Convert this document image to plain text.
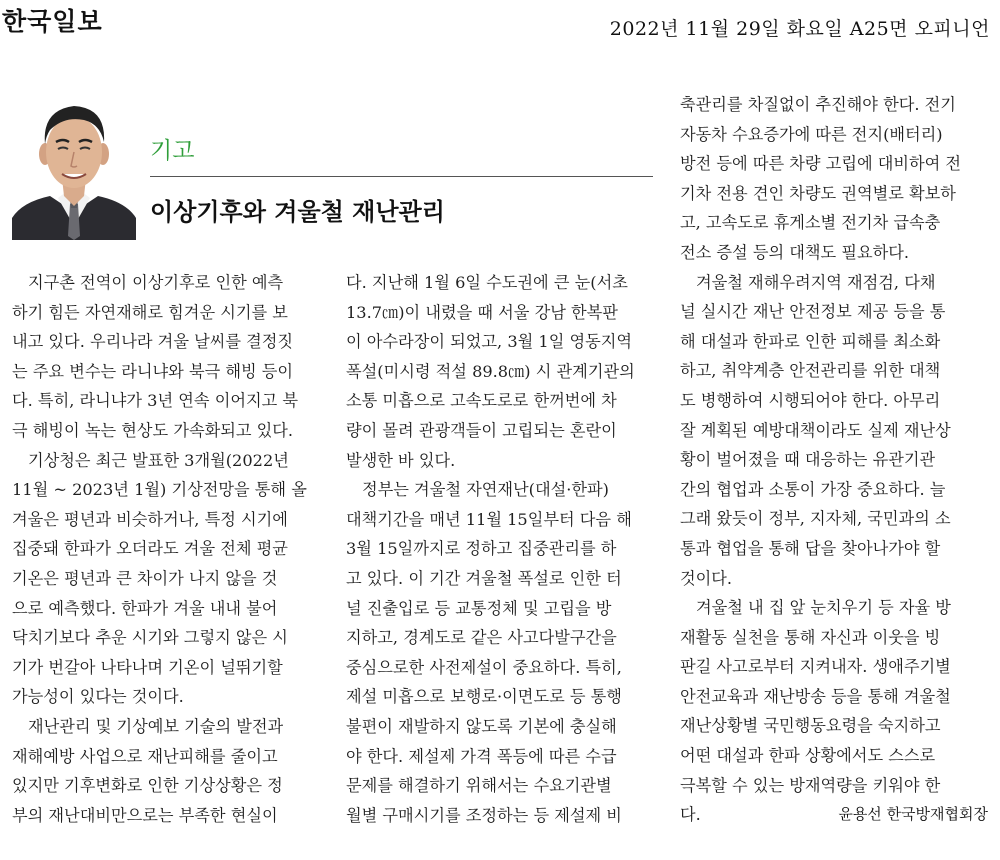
한국일보	2022년 11월 29일 화요일 A25면 오피니언
기고
이상기후와 겨울철 재난관리
지구촌 전역이 이상기후로 인한 예측
하기 힘든 자연재해로 힘겨운 시기를 보
내고 있다. 우리나라 겨울 날씨를 결정짓
는 주요 변수는 라니냐와 북극 해빙 등이
다. 특히, 라니냐가 3년 연속 이어지고 북
극 해빙이 녹는 현상도 가속화되고 있다.
기상청은 최근 발표한 3개월(2022년
11월 ~ 2023년 1월) 기상전망을 통해 올
겨울은 평년과 비슷하거나, 특정 시기에
집중돼 한파가 오더라도 겨울 전체 평균
기온은 평년과 큰 차이가 나지 않을 것
으로 예측했다. 한파가 겨울 내내 불어
닥치기보다 추운 시기와 그렇지 않은 시
기가 번갈아 나타나며 기온이 널뛰기할
가능성이 있다는 것이다.
재난관리 및 기상예보 기술의 발전과
재해예방 사업으로 재난피해를 줄이고
있지만 기후변화로 인한 기상상황은 정
부의 재난대비만으로는 부족한 현실이
다. 지난해 1월 6일 수도권에 큰 눈(서초
13.7㎝)이 내렸을 때 서울 강남 한복판
이 아수라장이 되었고, 3월 1일 영동지역
폭설(미시령 적설 89.8㎝) 시 관계기관의
소통 미흡으로 고속도로로 한꺼번에 차
량이 몰려 관광객들이 고립되는 혼란이
발생한 바 있다.
정부는 겨울철 자연재난(대설·한파)
대책기간을 매년 11월 15일부터 다음 해
3월 15일까지로 정하고 집중관리를 하
고 있다. 이 기간 겨울철 폭설로 인한 터
널 진출입로 등 교통정체 및 고립을 방
지하고, 경계도로 같은 사고다발구간을
중심으로한 사전제설이 중요하다. 특히,
제설 미흡으로 보행로·이면도로 등 통행
불편이 재발하지 않도록 기본에 충실해
야 한다. 제설제 가격 폭등에 따른 수급
문제를 해결하기 위해서는 수요기관별
월별 구매시기를 조정하는 등 제설제 비
축관리를 차질없이 추진해야 한다. 전기
자동차 수요증가에 따른 전지(배터리)
방전 등에 따른 차량 고립에 대비하여 전
기차 전용 견인 차량도 권역별로 확보하
고, 고속도로 휴게소별 전기차 급속충
전소 증설 등의 대책도 필요하다.
겨울철 재해우려지역 재점검, 다채
널 실시간 재난 안전정보 제공 등을 통
해 대설과 한파로 인한 피해를 최소화
하고, 취약계층 안전관리를 위한 대책
도 병행하여 시행되어야 한다. 아무리
잘 계획된 예방대책이라도 실제 재난상
황이 벌어졌을 때 대응하는 유관기관
간의 협업과 소통이 가장 중요하다. 늘
그래 왔듯이 정부, 지자체, 국민과의 소
통과 협업을 통해 답을 찾아나가야 할
것이다.
겨울철 내 집 앞 눈치우기 등 자율 방
재활동 실천을 통해 자신과 이웃을 빙
판길 사고로부터 지켜내자. 생애주기별
안전교육과 재난방송 등을 통해 겨울철
재난상황별 국민행동요령을 숙지하고
어떤 대설과 한파 상황에서도 스스로
극복할 수 있는 방재역량을 키워야 한
다.	윤용선 한국방재협회장
